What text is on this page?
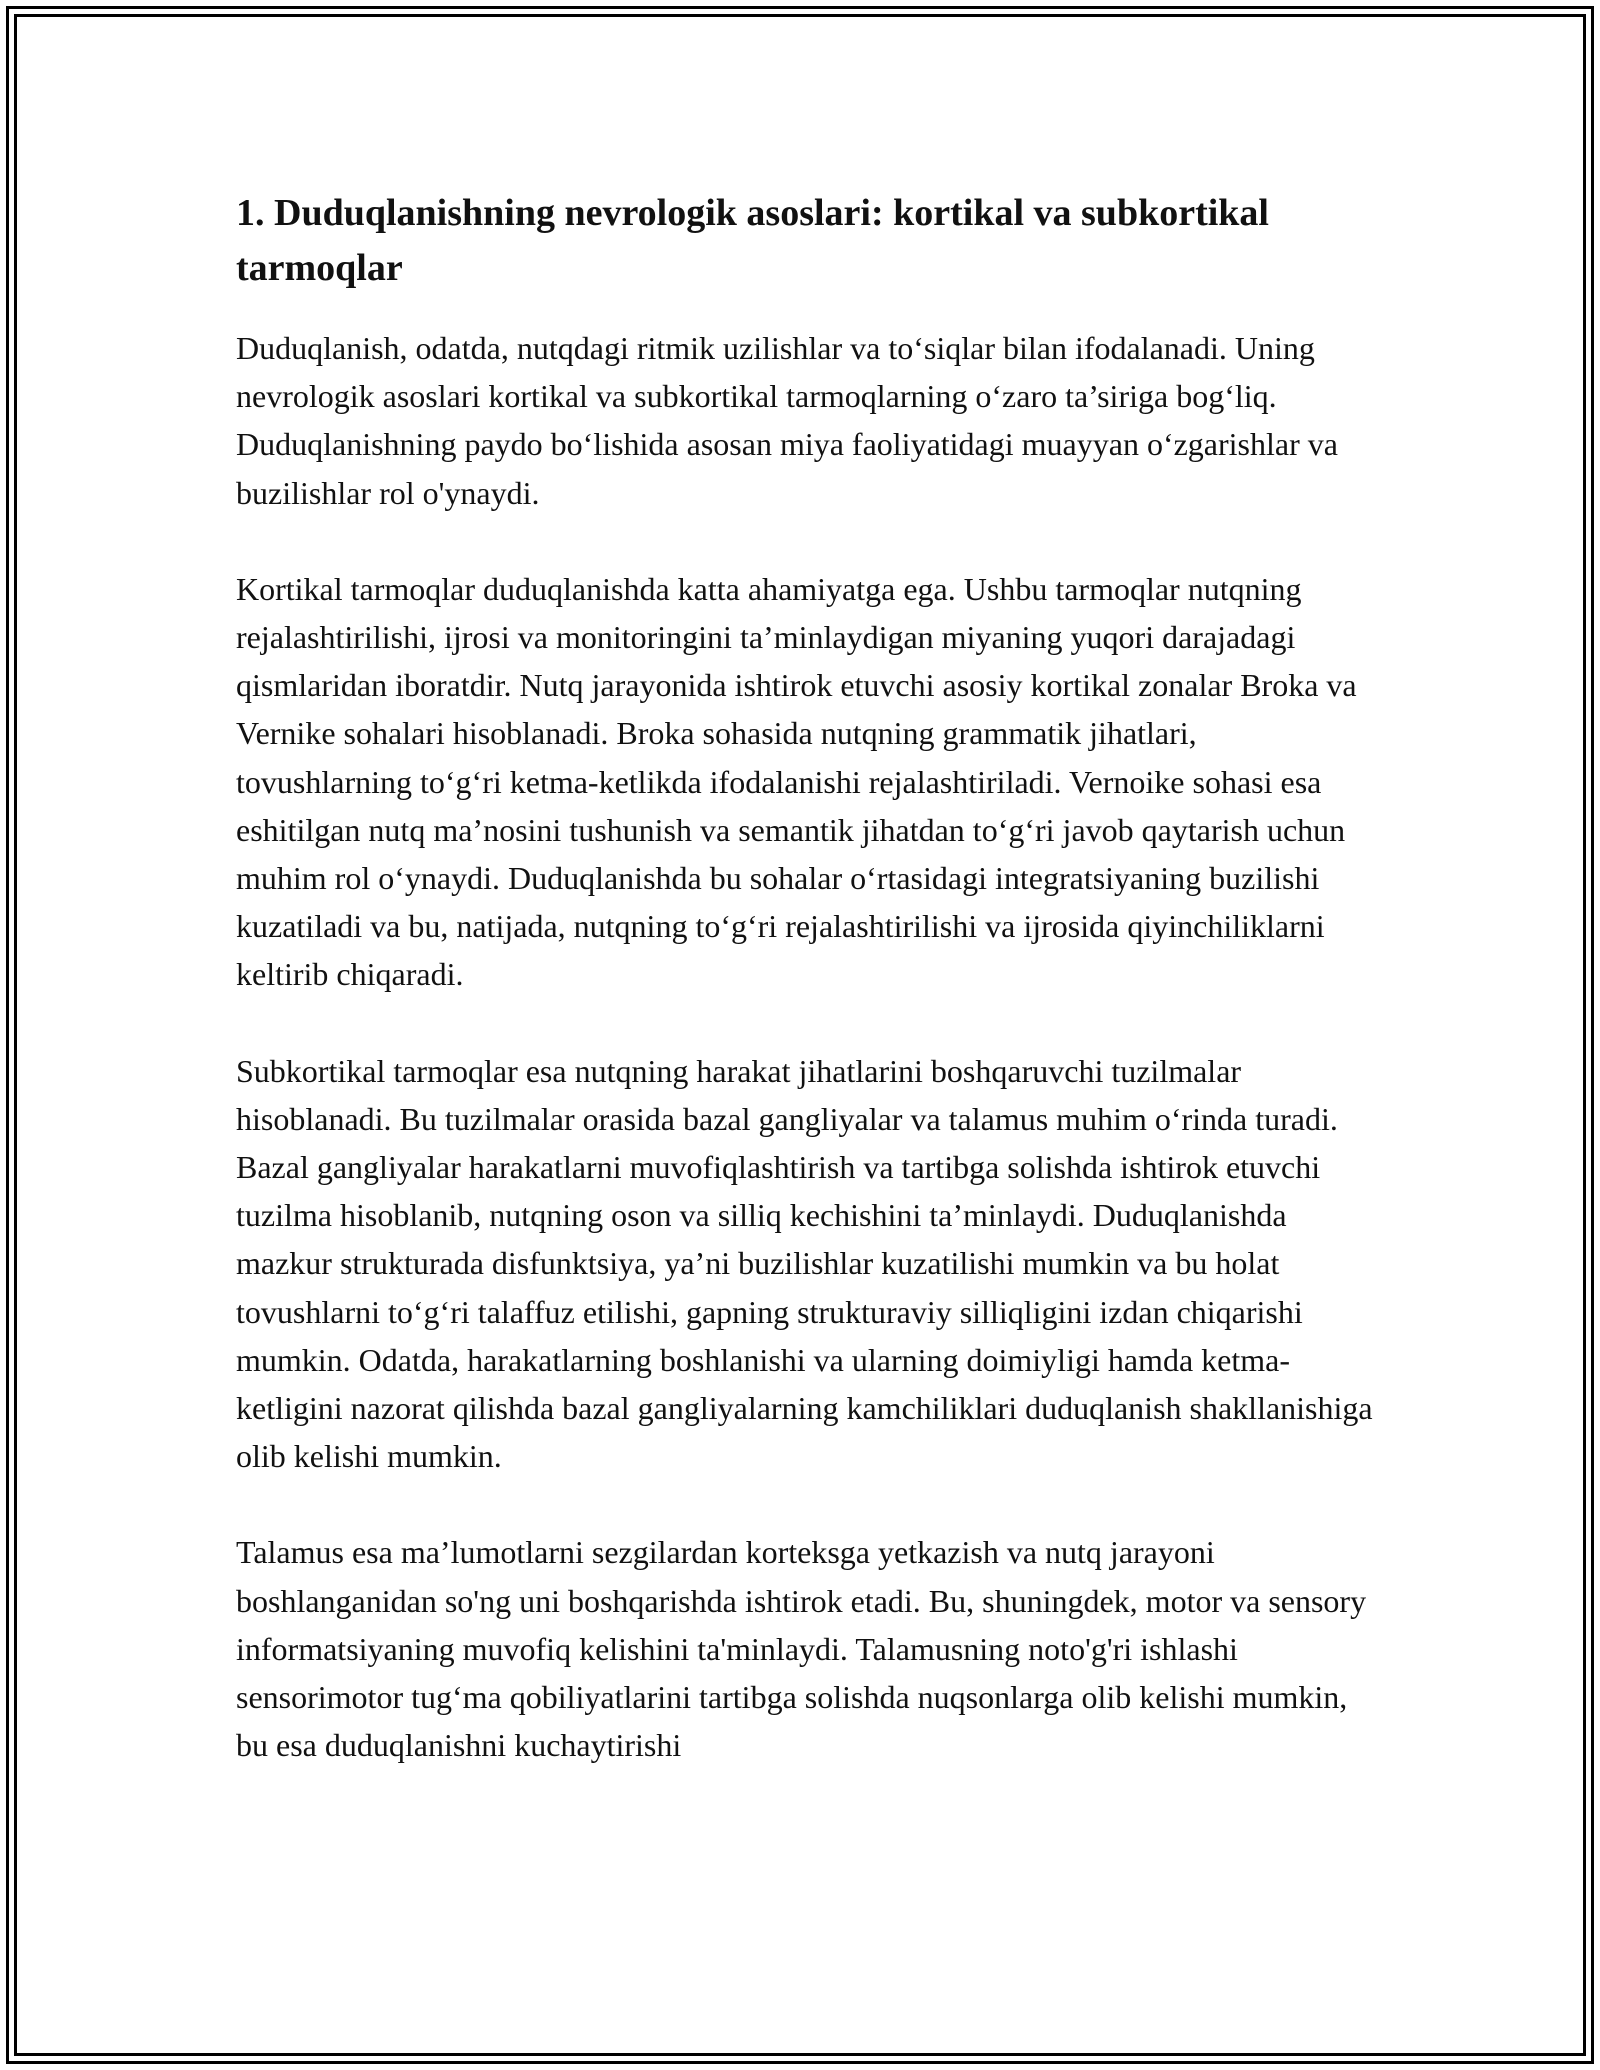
1. Duduqlanishning nevrologik asoslari: kortikal va subkortikal tarmoqlar

Duduqlanish, odatda, nutqdagi ritmik uzilishlar va to‘siqlar bilan ifodalanadi. Uning nevrologik asoslari kortikal va subkortikal tarmoqlarning o‘zaro ta’siriga bog‘liq. Duduqlanishning paydo bo‘lishida asosan miya faoliyatidagi muayyan o‘zgarishlar va buzilishlar rol o'ynaydi.

Kortikal tarmoqlar duduqlanishda katta ahamiyatga ega. Ushbu tarmoqlar nutqning rejalashtirilishi, ijrosi va monitoringini ta’minlaydigan miyaning yuqori darajadagi qismlaridan iboratdir. Nutq jarayonida ishtirok etuvchi asosiy kortikal zonalar Broka va Vernike sohalari hisoblanadi. Broka sohasida nutqning grammatik jihatlari, tovushlarning to‘g‘ri ketma-ketlikda ifodalanishi rejalashtiriladi. Vernoike sohasi esa eshitilgan nutq ma’nosini tushunish va semantik jihatdan to‘g‘ri javob qaytarish uchun muhim rol o‘ynaydi. Duduqlanishda bu sohalar o‘rtasidagi integratsiyaning buzilishi kuzatiladi va bu, natijada, nutqning to‘g‘ri rejalashtirilishi va ijrosida qiyinchiliklarni keltirib chiqaradi.

Subkortikal tarmoqlar esa nutqning harakat jihatlarini boshqaruvchi tuzilmalar hisoblanadi. Bu tuzilmalar orasida bazal gangliyalar va talamus muhim o‘rinda turadi. Bazal gangliyalar harakatlarni muvofiqlashtirish va tartibga solishda ishtirok etuvchi tuzilma hisoblanib, nutqning oson va silliq kechishini ta’minlaydi. Duduqlanishda mazkur strukturada disfunktsiya, ya’ni buzilishlar kuzatilishi mumkin va bu holat tovushlarni to‘g‘ri talaffuz etilishi, gapning strukturaviy silliqligini izdan chiqarishi mumkin. Odatda, harakatlarning boshlanishi va ularning doimiyligi hamda ketma-ketligini nazorat qilishda bazal gangliyalarning kamchiliklari duduqlanish shakllanishiga olib kelishi mumkin.

Talamus esa ma’lumotlarni sezgilardan korteksga yetkazish va nutq jarayoni boshlanganidan so'ng uni boshqarishda ishtirok etadi. Bu, shuningdek, motor va sensory informatsiyaning muvofiq kelishini ta'minlaydi. Talamusning noto'g'ri ishlashi sensorimotor tug‘ma qobiliyatlarini tartibga solishda nuqsonlarga olib kelishi mumkin, bu esa duduqlanishni kuchaytirishi
